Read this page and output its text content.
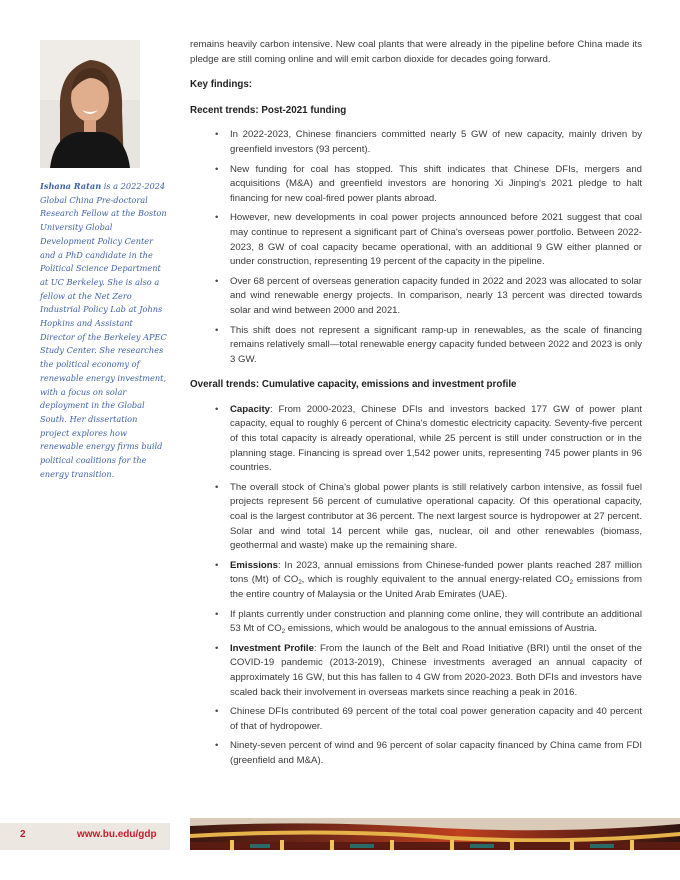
Ishana Ratan is a 2022-2024 Global China Pre-doctoral Research Fellow at the Boston University Global Development Policy Center and a PhD candidate in the Political Science Department at UC Berkeley. She is also a fellow at the Net Zero Industrial Policy Lab at Johns Hopkins and Assistant Director of the Berkeley APEC Study Center. She researches the political economy of renewable energy investment, with a focus on solar deployment in the Global South. Her dissertation project explores how renewable energy firms build political coalitions for the energy transition.

remains heavily carbon intensive. New coal plants that were already in the pipeline before China made its pledge are still coming online and will emit carbon dioxide for decades going forward.

Key findings:

Recent trends: Post-2021 funding

• In 2022-2023, Chinese financiers committed nearly 5 GW of new capacity, mainly driven by greenfield investors (93 percent).
• New funding for coal has stopped. This shift indicates that Chinese DFIs, mergers and acquisitions (M&A) and greenfield investors are honoring Xi Jinping's 2021 pledge to halt financing for new coal-fired power plants abroad.
• However, new developments in coal power projects announced before 2021 suggest that coal may continue to represent a significant part of China's overseas power portfolio. Between 2022-2023, 8 GW of coal capacity became operational, with an additional 9 GW either planned or under construction, representing 19 percent of the capacity in the pipeline.
• Over 68 percent of overseas generation capacity funded in 2022 and 2023 was allocated to solar and wind renewable energy projects. In comparison, nearly 13 percent was directed towards solar and wind between 2000 and 2021.
• This shift does not represent a significant ramp-up in renewables, as the scale of financing remains relatively small—total renewable energy capacity funded between 2022 and 2023 is only 3 GW.

Overall trends: Cumulative capacity, emissions and investment profile

• Capacity: From 2000-2023, Chinese DFIs and investors backed 177 GW of power plant capacity, equal to roughly 6 percent of China's domestic electricity capacity. Seventy-five percent of this total capacity is already operational, while 25 percent is still under construction or in the planning stage. Financing is spread over 1,542 power units, representing 745 power plants in 96 countries.
• The overall stock of China's global power plants is still relatively carbon intensive, as fossil fuel projects represent 56 percent of cumulative operational capacity. Of this operational capacity, coal is the largest contributor at 36 percent. The next largest source is hydropower at 27 percent. Solar and wind total 14 percent while gas, nuclear, oil and other renewables (biomass, geothermal and waste) make up the remaining share.
• Emissions: In 2023, annual emissions from Chinese-funded power plants reached 287 million tons (Mt) of $CO_2$, which is roughly equivalent to the annual energy-related $CO_2$ emissions from the entire country of Malaysia or the United Arab Emirates (UAE).
• If plants currently under construction and planning come online, they will contribute an additional 53 Mt of $CO_2$ emissions, which would be analogous to the annual emissions of Austria.
• Investment Profile: From the launch of the Belt and Road Initiative (BRI) until the onset of the COVID-19 pandemic (2013-2019), Chinese investments averaged an annual capacity of approximately 16 GW, but this has fallen to 4 GW from 2020-2023. Both DFIs and investors have scaled back their involvement in overseas markets since reaching a peak in 2016.
• Chinese DFIs contributed 69 percent of the total coal power generation capacity and 40 percent of that of hydropower.
• Ninety-seven percent of wind and 96 percent of solar capacity financed by China came from FDI (greenfield and M&A).
2	www.bu.edu/gdp
